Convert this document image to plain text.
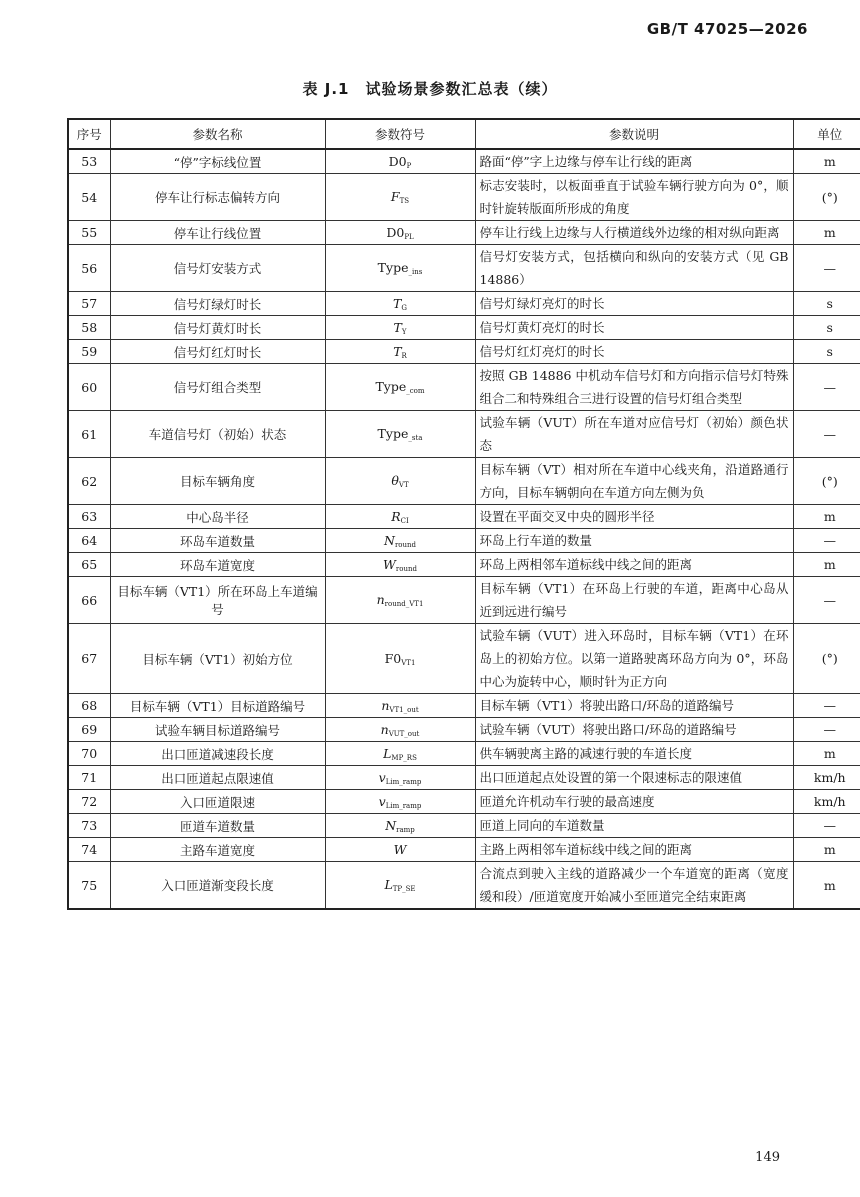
GB/T 47025—2026
表 J.1　试验场景参数汇总表（续）
序号	参数名称	参数符号	参数说明	单位
53	“停”字标线位置	$D0_P$	路面“停”字上边缘与停车让行线的距离	m
54	停车让行标志偏转方向	$F_{TS}$	标志安装时，以板面垂直于试验车辆行驶方向为 0°，顺时针旋转版面所形成的角度	(°)
55	停车让行线位置	$D0_{PL}$	停车让行线上边缘与人行横道线外边缘的相对纵向距离	m
56	信号灯安装方式	Type$_{\_ins}$	信号灯安装方式，包括横向和纵向的安装方式（见 GB 14886）	—
57	信号灯绿灯时长	$T_G$	信号灯绿灯亮灯的时长	s
58	信号灯黄灯时长	$T_Y$	信号灯黄灯亮灯的时长	s
59	信号灯红灯时长	$T_R$	信号灯红灯亮灯的时长	s
60	信号灯组合类型	Type$_{\_com}$	按照 GB 14886 中机动车信号灯和方向指示信号灯特殊组合二和特殊组合三进行设置的信号灯组合类型	—
61	车道信号灯（初始）状态	Type$_{\_sta}$	试验车辆（VUT）所在车道对应信号灯（初始）颜色状态	—
62	目标车辆角度	$\theta_{VT}$	目标车辆（VT）相对所在车道中心线夹角，沿道路通行方向，目标车辆朝向在车道方向左侧为负	(°)
63	中心岛半径	$R_{CI}$	设置在平面交叉中央的圆形半径	m
64	环岛车道数量	$N_{round}$	环岛上行车道的数量	—
65	环岛车道宽度	$W_{round}$	环岛上两相邻车道标线中线之间的距离	m
66	目标车辆（VT1）所在环岛上车道编号	$n_{round\_VT1}$	目标车辆（VT1）在环岛上行驶的车道，距离中心岛从近到远进行编号	—
67	目标车辆（VT1）初始方位	$F0_{VT1}$	试验车辆（VUT）进入环岛时，目标车辆（VT1）在环岛上的初始方位。以第一道路驶离环岛方向为 0°，环岛中心为旋转中心，顺时针为正方向	(°)
68	目标车辆（VT1）目标道路编号	$n_{VT1\_out}$	目标车辆（VT1）将驶出路口/环岛的道路编号	—
69	试验车辆目标道路编号	$n_{VUT\_out}$	试验车辆（VUT）将驶出路口/环岛的道路编号	—
70	出口匝道减速段长度	$L_{MP\_RS}$	供车辆驶离主路的减速行驶的车道长度	m
71	出口匝道起点限速值	$v_{Lim\_ramp}$	出口匝道起点处设置的第一个限速标志的限速值	km/h
72	入口匝道限速	$v_{Lim\_ramp}$	匝道允许机动车行驶的最高速度	km/h
73	匝道车道数量	$N_{ramp}$	匝道上同向的车道数量	—
74	主路车道宽度	W	主路上两相邻车道标线中线之间的距离	m
75	入口匝道渐变段长度	$L_{TP\_SE}$	合流点到驶入主线的道路减少一个车道宽的距离（宽度缓和段）/匝道宽度开始减小至匝道完全结束距离	m
149
